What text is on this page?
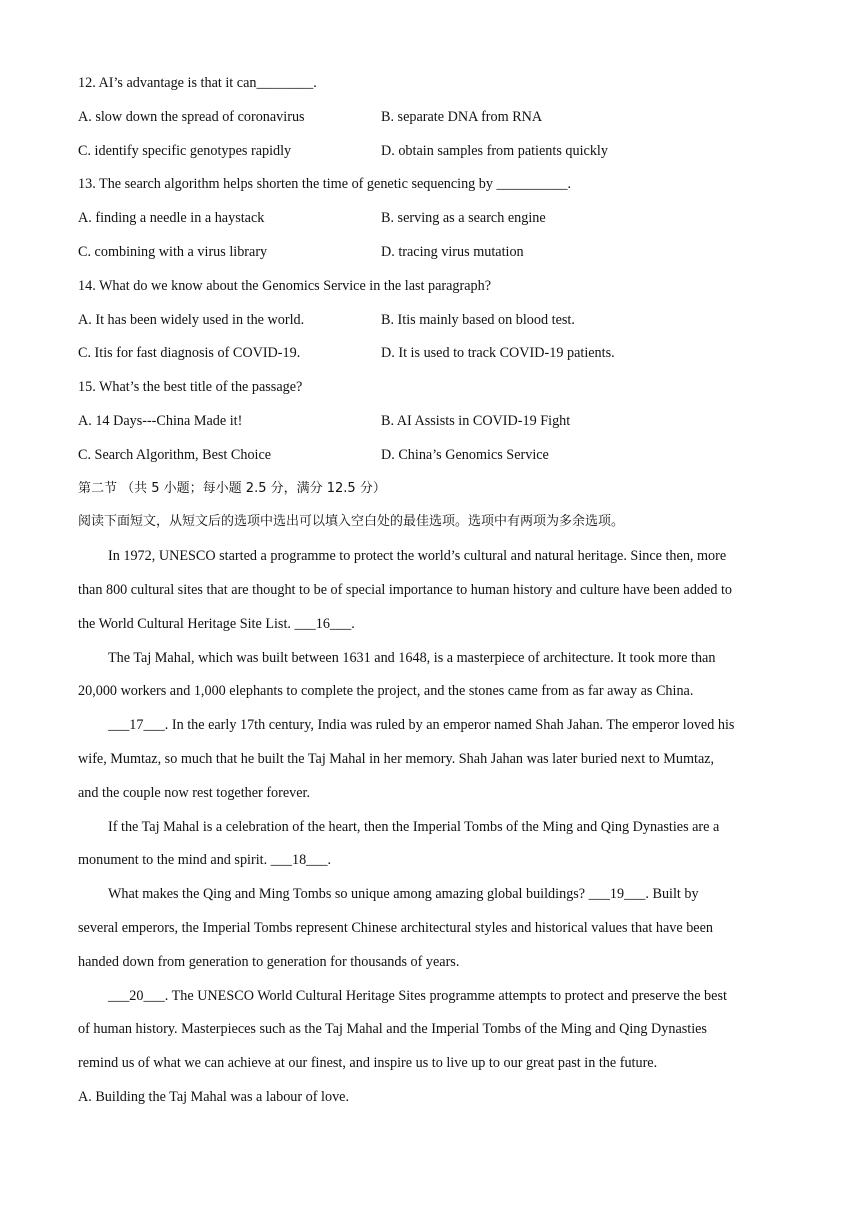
12. AI’s advantage is that it can________.
A. slow down the spread of coronavirus	B. separate DNA from RNA
C. identify specific genotypes rapidly	D. obtain samples from patients quickly
13. The search algorithm helps shorten the time of genetic sequencing by __________.
A. finding a needle in a haystack	B. serving as a search engine
C. combining with a virus library	D. tracing virus mutation
14. What do we know about the Genomics Service in the last paragraph?
A. It has been widely used in the world.	B. Itis mainly based on blood test.
C. Itis for fast diagnosis of COVID-19.	D. It is used to track COVID-19 patients.
15. What’s the best title of the passage?
A. 14 Days---China Made it!	B. AI Assists in COVID-19 Fight
C. Search Algorithm, Best Choice	D. China’s Genomics Service
第二节 （共 5 小题；每小题 2.5 分，满分 12.5 分）
阅读下面短文，从短文后的选项中选出可以填入空白处的最佳选项。选项中有两项为多余选项。
In 1972, UNESCO started a programme to protect the world’s cultural and natural heritage. Since then, more
than 800 cultural sites that are thought to be of special importance to human history and culture have been added to
the World Cultural Heritage Site List. ___16___.
The Taj Mahal, which was built between 1631 and 1648, is a masterpiece of architecture. It took more than
20,000 workers and 1,000 elephants to complete the project, and the stones came from as far away as China.
___17___. In the early 17th century, India was ruled by an emperor named Shah Jahan. The emperor loved his
wife, Mumtaz, so much that he built the Taj Mahal in her memory. Shah Jahan was later buried next to Mumtaz,
and the couple now rest together forever.
If the Taj Mahal is a celebration of the heart, then the Imperial Tombs of the Ming and Qing Dynasties are a
monument to the mind and spirit. ___18___.
What makes the Qing and Ming Tombs so unique among amazing global buildings? ___19___. Built by
several emperors, the Imperial Tombs represent Chinese architectural styles and historical values that have been
handed down from generation to generation for thousands of years.
___20___. The UNESCO World Cultural Heritage Sites programme attempts to protect and preserve the best
of human history. Masterpieces such as the Taj Mahal and the Imperial Tombs of the Ming and Qing Dynasties
remind us of what we can achieve at our finest, and inspire us to live up to our great past in the future.
A. Building the Taj Mahal was a labour of love.
